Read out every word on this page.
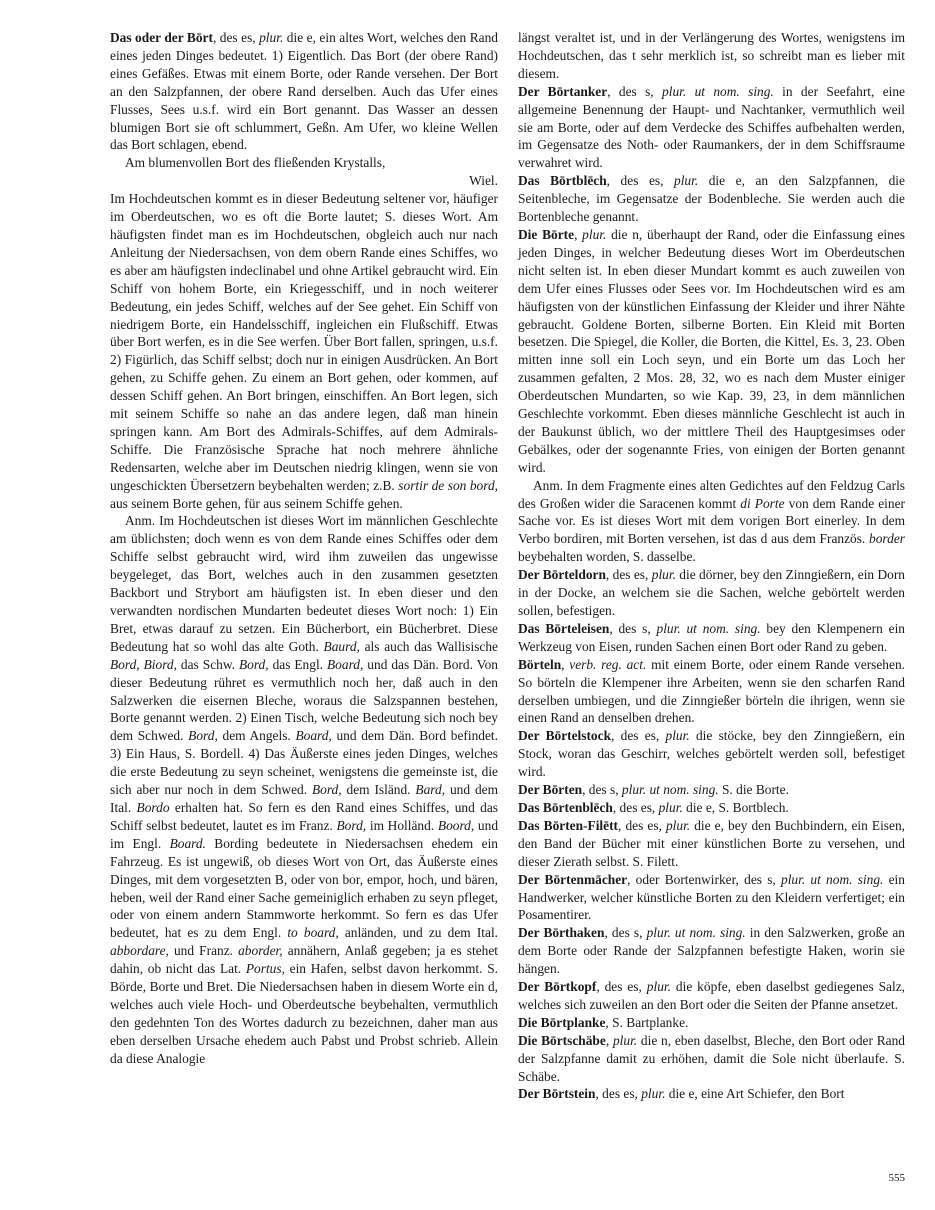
Das oder der Bōrt, des es, plur. die e, ein altes Wort, welches den Rand eines jeden Dinges bedeutet. 1) Eigentlich. Das Bort (der obere Rand) eines Gefäßes. Etwas mit einem Borte, oder Rande versehen. Der Bort an den Salzpfannen, der obere Rand derselben. Auch das Ufer eines Flusses, Sees u.s.f. wird ein Bort genannt. Das Wasser an dessen blumigen Bort sie oft schlummert, Geßn. Am Ufer, wo kleine Wellen das Bort schlagen, ebend.

Am blumenvollen Bort des fließenden Krystalls,

Wiel.

Im Hochdeutschen kommt es in dieser Bedeutung seltener vor, häufiger im Oberdeutschen, wo es oft die Borte lautet; S. dieses Wort. Am häufigsten findet man es im Hochdeutschen, obgleich auch nur nach Anleitung der Niedersachsen, von dem obern Rande eines Schiffes, wo es aber am häufigsten indeclinabel und ohne Artikel gebraucht wird. Ein Schiff von hohem Borte, ein Kriegesschiff, und in noch weiterer Bedeutung, ein jedes Schiff, welches auf der See gehet. Ein Schiff von niedrigem Borte, ein Handelsschiff, ingleichen ein Flußschiff. Etwas über Bort werfen, es in die See werfen. Über Bort fallen, springen, u.s.f. 2) Figürlich, das Schiff selbst; doch nur in einigen Ausdrücken. An Bort gehen, zu Schiffe gehen. Zu einem an Bort gehen, oder kommen, auf dessen Schiff gehen. An Bort bringen, einschiffen. An Bort legen, sich mit seinem Schiffe so nahe an das andere legen, daß man hinein springen kann. Am Bort des Admirals-Schiffes, auf dem Admirals-Schiffe. Die Französische Sprache hat noch mehrere ähnliche Redensarten, welche aber im Deutschen niedrig klingen, wenn sie von ungeschickten Übersetzern beybehalten werden; z.B. sortir de son bord, aus seinem Borte gehen, für aus seinem Schiffe gehen.

Anm. Im Hochdeutschen ist dieses Wort im männlichen Geschlechte am üblichsten; doch wenn es von dem Rande eines Schiffes oder dem Schiffe selbst gebraucht wird, wird ihm zuweilen das ungewisse beygeleget, das Bort, welches auch in den zusammen gesetzten Backbort und Strybort am häufigsten ist. In eben dieser und den verwandten nordischen Mundarten bedeutet dieses Wort noch: 1) Ein Bret, etwas darauf zu setzen. Ein Bücherbort, ein Bücherbret. Diese Bedeutung hat so wohl das alte Goth. Baurd, als auch das Wallisische Bord, Biord, das Schw. Bord, das Engl. Board, und das Dän. Bord. Von dieser Bedeutung rühret es vermuthlich noch her, daß auch in den Salzwerken die eisernen Bleche, woraus die Salzspannen bestehen, Borte genannt werden. 2) Einen Tisch, welche Bedeutung sich noch bey dem Schwed. Bord, dem Angels. Board, und dem Dän. Bord befindet. 3) Ein Haus, S. Bordell. 4) Das Äußerste eines jeden Dinges, welches die erste Bedeutung zu seyn scheinet, wenigstens die gemeinste ist, die sich aber nur noch in dem Schwed. Bord, dem Isländ. Bard, und dem Ital. Bordo erhalten hat. So fern es den Rand eines Schiffes, und das Schiff selbst bedeutet, lautet es im Franz. Bord, im Holländ. Boord, und im Engl. Board. Bording bedeutete in Niedersachsen ehedem ein Fahrzeug. Es ist ungewiß, ob dieses Wort von Ort, das Äußerste eines Dinges, mit dem vorgesetzten B, oder von bor, empor, hoch, und bären, heben, weil der Rand einer Sache gemeiniglich erhaben zu seyn pfleget, oder von einem andern Stammworte herkommt. So fern es das Ufer bedeutet, hat es zu dem Engl. to board, anländen, und zu dem Ital. abbordare, und Franz. aborder, annähern, Anlaß gegeben; ja es stehet dahin, ob nicht das Lat. Portus, ein Hafen, selbst davon herkommt. S. Börde, Borte und Bret. Die Niedersachsen haben in diesem Worte ein d, welches auch viele Hoch- und Oberdeutsche beybehalten, vermuthlich den gedehnten Ton des Wortes dadurch zu bezeichnen, daher man aus eben derselben Ursache ehedem auch Pabst und Probst schrieb. Allein da diese Analogie

längst veraltet ist, und in der Verlängerung des Wortes, wenigstens im Hochdeutschen, das t sehr merklich ist, so schreibt man es lieber mit diesem.

Der Bōrtanker, des s, plur. ut nom. sing. in der Seefahrt, eine allgemeine Benennung der Haupt- und Nachtanker, vermuthlich weil sie am Borte, oder auf dem Verdecke des Schiffes aufbehalten werden, im Gegensatze des Noth- oder Raumankers, der in dem Schiffsraume verwahret wird.

Das Bōrtblēch, des es, plur. die e, an den Salzpfannen, die Seitenbleche, im Gegensatze der Bodenbleche. Sie werden auch die Bortenbleche genannt.

Die Bōrte, plur. die n, überhaupt der Rand, oder die Einfassung eines jeden Dinges, in welcher Bedeutung dieses Wort im Oberdeutschen nicht selten ist. In eben dieser Mundart kommt es auch zuweilen von dem Ufer eines Flusses oder Sees vor. Im Hochdeutschen wird es am häufigsten von der künstlichen Einfassung der Kleider und ihrer Nähte gebraucht. Goldene Borten, silberne Borten. Ein Kleid mit Borten besetzen. Die Spiegel, die Koller, die Borten, die Kittel, Es. 3, 23. Oben mitten inne soll ein Loch seyn, und ein Borte um das Loch her zusammen gefalten, 2 Mos. 28, 32, wo es nach dem Muster einiger Oberdeutschen Mundarten, so wie Kap. 39, 23, in dem männlichen Geschlechte vorkommt. Eben dieses männliche Geschlecht ist auch in der Baukunst üblich, wo der mittlere Theil des Hauptgesimses oder Gebälkes, oder der sogenannte Fries, von einigen der Borten genannt wird.

Anm. In dem Fragmente eines alten Gedichtes auf den Feldzug Carls des Großen wider die Saracenen kommt di Porte von dem Rande einer Sache vor. Es ist dieses Wort mit dem vorigen Bort einerley. In dem Verbo bordiren, mit Borten versehen, ist das d aus dem Französ. border beybehalten worden, S. dasselbe.

Der Bōrteldorn, des es, plur. die dörner, bey den Zinngießern, ein Dorn in der Docke, an welchem sie die Sachen, welche gebörtelt werden sollen, befestigen.

Das Bōrteleisen, des s, plur. ut nom. sing. bey den Klempenern ein Werkzeug von Eisen, runden Sachen einen Bort oder Rand zu geben.

Börteln, verb. reg. act. mit einem Borte, oder einem Rande versehen. So börteln die Klempener ihre Arbeiten, wenn sie den scharfen Rand derselben umbiegen, und die Zinngießer börteln die ihrigen, wenn sie einen Rand an denselben drehen.

Der Bōrtelstock, des es, plur. die stöcke, bey den Zinngießern, ein Stock, woran das Geschirr, welches gebörtelt werden soll, befestiget wird.

Der Bōrten, des s, plur. ut nom. sing. S. die Borte.

Das Bōrtenblēch, des es, plur. die e, S. Bortblech.

Das Bōrten-Filētt, des es, plur. die e, bey den Buchbindern, ein Eisen, den Band der Bücher mit einer künstlichen Borte zu versehen, und dieser Zierath selbst. S. Filett.

Der Bōrtenmācher, oder Bortenwirker, des s, plur. ut nom. sing. ein Handwerker, welcher künstliche Borten zu den Kleidern verfertiget; ein Posamentirer.

Der Bōrthaken, des s, plur. ut nom. sing. in den Salzwerken, große an dem Borte oder Rande der Salzpfannen befestigte Haken, worin sie hängen.

Der Bōrtkopf, des es, plur. die köpfe, eben daselbst gediegenes Salz, welches sich zuweilen an den Bort oder die Seiten der Pfanne ansetzet.

Die Bōrtplanke, S. Bartplanke.

Die Bōrtschäbe, plur. die n, eben daselbst, Bleche, den Bort oder Rand der Salzpfanne damit zu erhöhen, damit die Sole nicht überlaufe. S. Schäbe.

Der Bōrtstein, des es, plur. die e, eine Art Schiefer, den Bort

555
